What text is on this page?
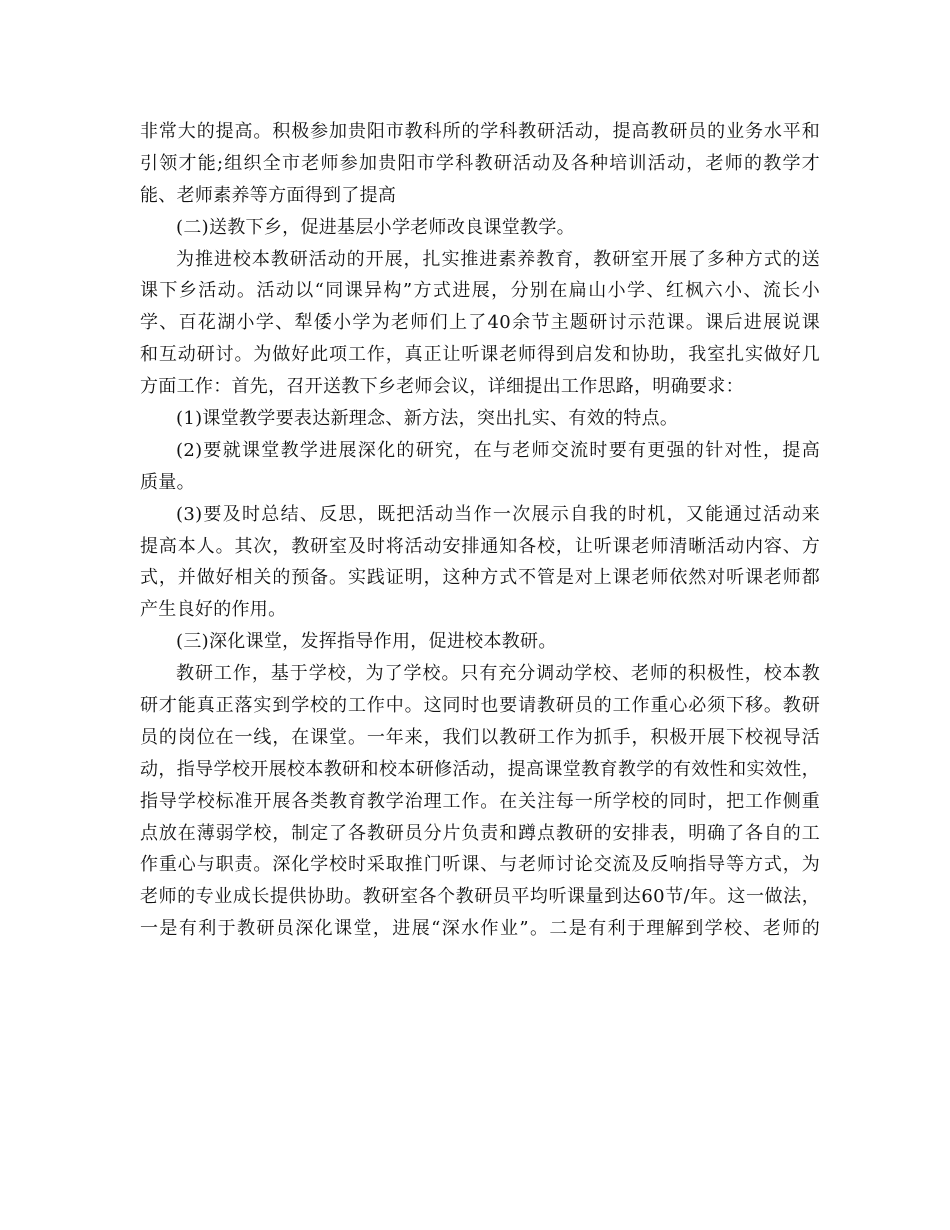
非常大的提高。积极参加贵阳市教科所的学科教研活动，提高教研员的业务水平和
引领才能;组织全市老师参加贵阳市学科教研活动及各种培训活动，老师的教学才
能、老师素养等方面得到了提高
(二)送教下乡，促进基层小学老师改良课堂教学。
为推进校本教研活动的开展，扎实推进素养教育，教研室开展了多种方式的送
课下乡活动。活动以“同课异构”方式进展，分别在扁山小学、红枫六小、流长小
学、百花湖小学、犁倭小学为老师们上了40余节主题研讨示范课。课后进展说课
和互动研讨。为做好此项工作，真正让听课老师得到启发和协助，我室扎实做好几
方面工作：首先，召开送教下乡老师会议，详细提出工作思路，明确要求：
(1)课堂教学要表达新理念、新方法，突出扎实、有效的特点。
(2)要就课堂教学进展深化的研究，在与老师交流时要有更强的针对性，提高
质量。
(3)要及时总结、反思，既把活动当作一次展示自我的时机，又能通过活动来
提高本人。其次，教研室及时将活动安排通知各校，让听课老师清晰活动内容、方
式，并做好相关的预备。实践证明，这种方式不管是对上课老师依然对听课老师都
产生良好的作用。
(三)深化课堂，发挥指导作用，促进校本教研。
教研工作，基于学校，为了学校。只有充分调动学校、老师的积极性，校本教
研才能真正落实到学校的工作中。这同时也要请教研员的工作重心必须下移。教研
员的岗位在一线，在课堂。一年来，我们以教研工作为抓手，积极开展下校视导活
动，指导学校开展校本教研和校本研修活动，提高课堂教育教学的有效性和实效性，
指导学校标准开展各类教育教学治理工作。在关注每一所学校的同时，把工作侧重
点放在薄弱学校，制定了各教研员分片负责和蹲点教研的安排表，明确了各自的工
作重心与职责。深化学校时采取推门听课、与老师讨论交流及反响指导等方式，为
老师的专业成长提供协助。教研室各个教研员平均听课量到达60节/年。这一做法，
一是有利于教研员深化课堂，进展“深水作业”。二是有利于理解到学校、老师的
